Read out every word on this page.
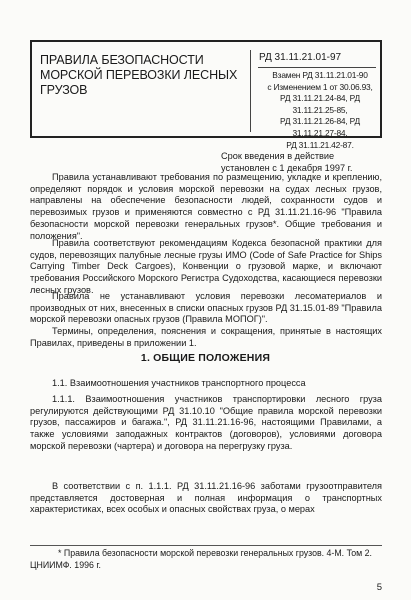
ПРАВИЛА БЕЗОПАСНОСТИ МОРСКОЙ ПЕРЕВОЗКИ ЛЕСНЫХ ГРУЗОВ
РД 31.11.21.01-97
Взамен РД 31.11.21.01-90
с Изменением 1 от 30.06.93,
РД 31.11.21.24-84, РД 31.11.21.25-85,
РД 31.11.21.26-84, РД 31.11.21.27-84,
РД 31.11.21.42-87.
Срок введения в действие
установлен с 1 декабря 1997 г.

Правила устанавливают требования по размещению, укладке и креплению, определяют порядок и условия морской перевозки на судах лесных грузов, направлены на обеспечение безопасности людей, сохранности судов и перевозимых грузов и применяются совместно с РД 31.11.21.16-96 "Правила безопасности морской перевозки генеральных грузов*. Общие требования и положения".

Правила соответствуют рекомендациям Кодекса безопасной практики для судов, перевозящих палубные лесные грузы ИМО (Code of Safe Practice for Ships Carrying Timber Deck Cargoes), Конвенции о грузовой марке, и включают требования Российского Морского Регистра Судоходства, касающиеся перевозки лесных грузов.

Правила не устанавливают условия перевозки лесоматериалов и производных от них, внесенных в списки опасных грузов РД 31.15.01-89 "Правила морской перевозки опасных грузов (Правила МОПОГ)".

Термины, определения, пояснения и сокращения, принятые в настоящих Правилах, приведены в приложении 1.

1. ОБЩИЕ ПОЛОЖЕНИЯ
1.1. Взаимоотношения участников транспортного процесса

1.1.1. Взаимоотношения участников транспортировки лесного груза регулируются действующими РД 31.10.10 "Общие правила морской перевозки грузов, пассажиров и багажа.", РД 31.11.21.16-96, настоящими Правилами, а также условиями заподажных контрактов (договоров), условиями договора морской перевозки (чартера) и договора на перегрузку груза.

В соответствии с п. 1.1.1. РД 31.11.21.16-96 заботами грузоотправителя представляется достоверная и полная информация о транспортных характеристиках, всех особых и опасных свойствах груза, о мерах

* Правила безопасности морской перевозки генеральных грузов. 4-М. Том 2. ЦНИИМФ. 1996 г.
5
